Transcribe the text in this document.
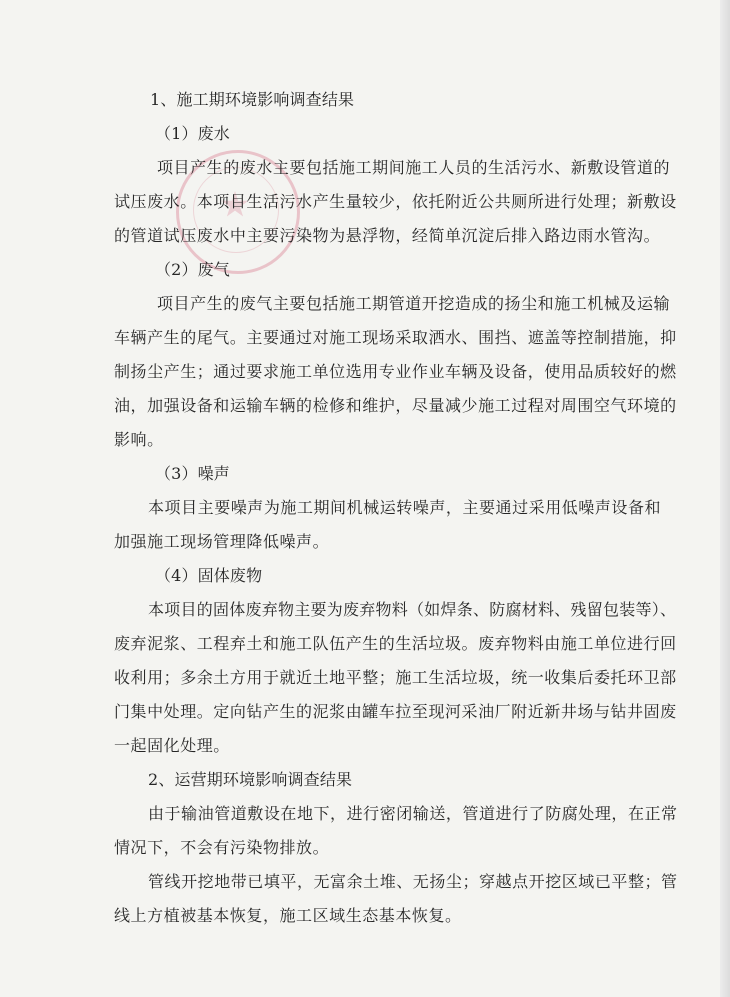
1、施工期环境影响调查结果
（1）废水
项目产生的废水主要包括施工期间施工人员的生活污水、新敷设管道的
试压废水。本项目生活污水产生量较少，依托附近公共厕所进行处理；新敷设
的管道试压废水中主要污染物为悬浮物，经简单沉淀后排入路边雨水管沟。
（2）废气
项目产生的废气主要包括施工期管道开挖造成的扬尘和施工机械及运输
车辆产生的尾气。主要通过对施工现场采取洒水、围挡、遮盖等控制措施，抑
制扬尘产生；通过要求施工单位选用专业作业车辆及设备，使用品质较好的燃
油，加强设备和运输车辆的检修和维护，尽量减少施工过程对周围空气环境的
影响。
（3）噪声
本项目主要噪声为施工期间机械运转噪声，主要通过采用低噪声设备和
加强施工现场管理降低噪声。
（4）固体废物
本项目的固体废弃物主要为废弃物料（如焊条、防腐材料、残留包装等）、
废弃泥浆、工程弃土和施工队伍产生的生活垃圾。废弃物料由施工单位进行回
收利用；多余土方用于就近土地平整；施工生活垃圾，统一收集后委托环卫部
门集中处理。定向钻产生的泥浆由罐车拉至现河采油厂附近新井场与钻井固废
一起固化处理。
2、运营期环境影响调查结果
由于输油管道敷设在地下，进行密闭输送，管道进行了防腐处理，在正常
情况下，不会有污染物排放。
管线开挖地带已填平，无富余土堆、无扬尘；穿越点开挖区域已平整；管
线上方植被基本恢复，施工区域生态基本恢复。
